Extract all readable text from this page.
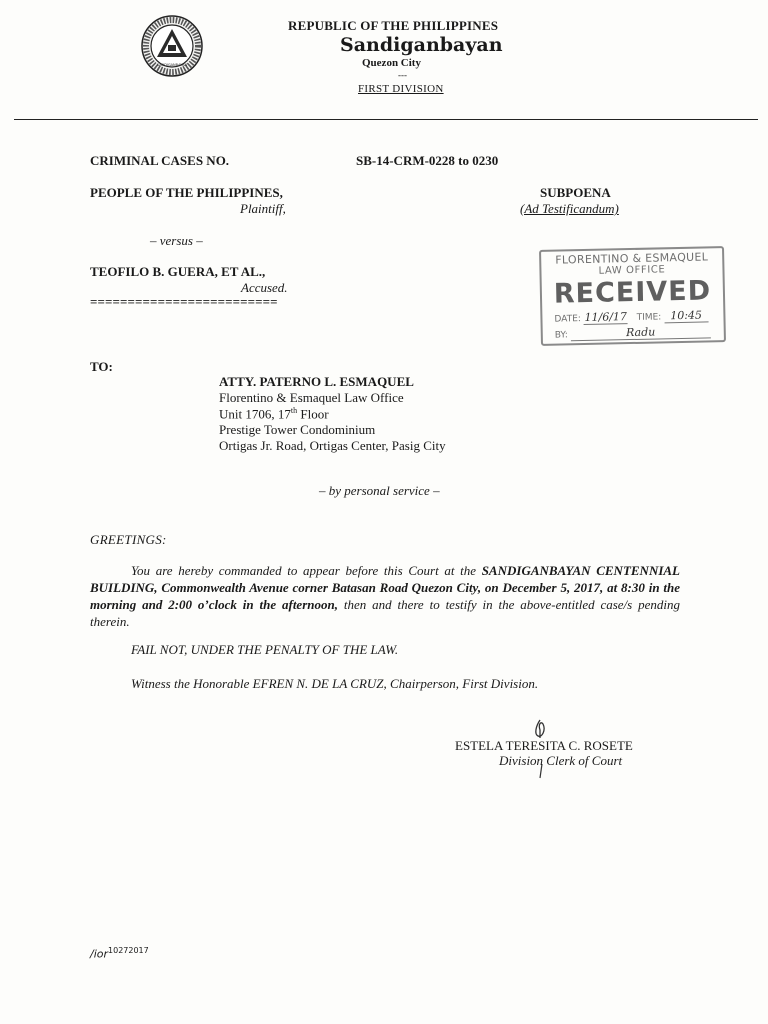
SANDIGANBAYAN
REPUBLIC OF THE PHILIPPINES
Sandiganbayan
Quezon City
---
FIRST DIVISION
CRIMINAL CASES NO.	SB-14-CRM-0228 to 0230
PEOPLE OF THE PHILIPPINES,
Plaintiff,
– versus –
TEOFILO B. GUERA, ET AL.,
Accused.
=========================
SUBPOENA
(Ad Testificandum)
FLORENTINO & ESMAQUEL
LAW OFFICE
RECEIVED
DATE: 11/6/17 TIME: 10:45
BY:	Radu
TO:
ATTY. PATERNO L. ESMAQUEL
Florentino & Esmaquel Law Office
Unit 1706, 17th Floor
Prestige Tower Condominium
Ortigas Jr. Road, Ortigas Center, Pasig City
– by personal service –
GREETINGS:
You are hereby commanded to appear before this Court at the SANDIGANBAYAN CENTENNIAL BUILDING, Commonwealth Avenue corner Batasan Road Quezon City, on December 5, 2017, at 8:30 in the morning and 2:00 o’clock in the afternoon, then and there to testify in the above-entitled case/s pending therein.
FAIL NOT, UNDER THE PENALTY OF THE LAW.
Witness the Honorable EFREN N. DE LA CRUZ, Chairperson, First Division.
ESTELA TERESITA C. ROSETE
Division Clerk of Court
/ior$^{10272017}$
